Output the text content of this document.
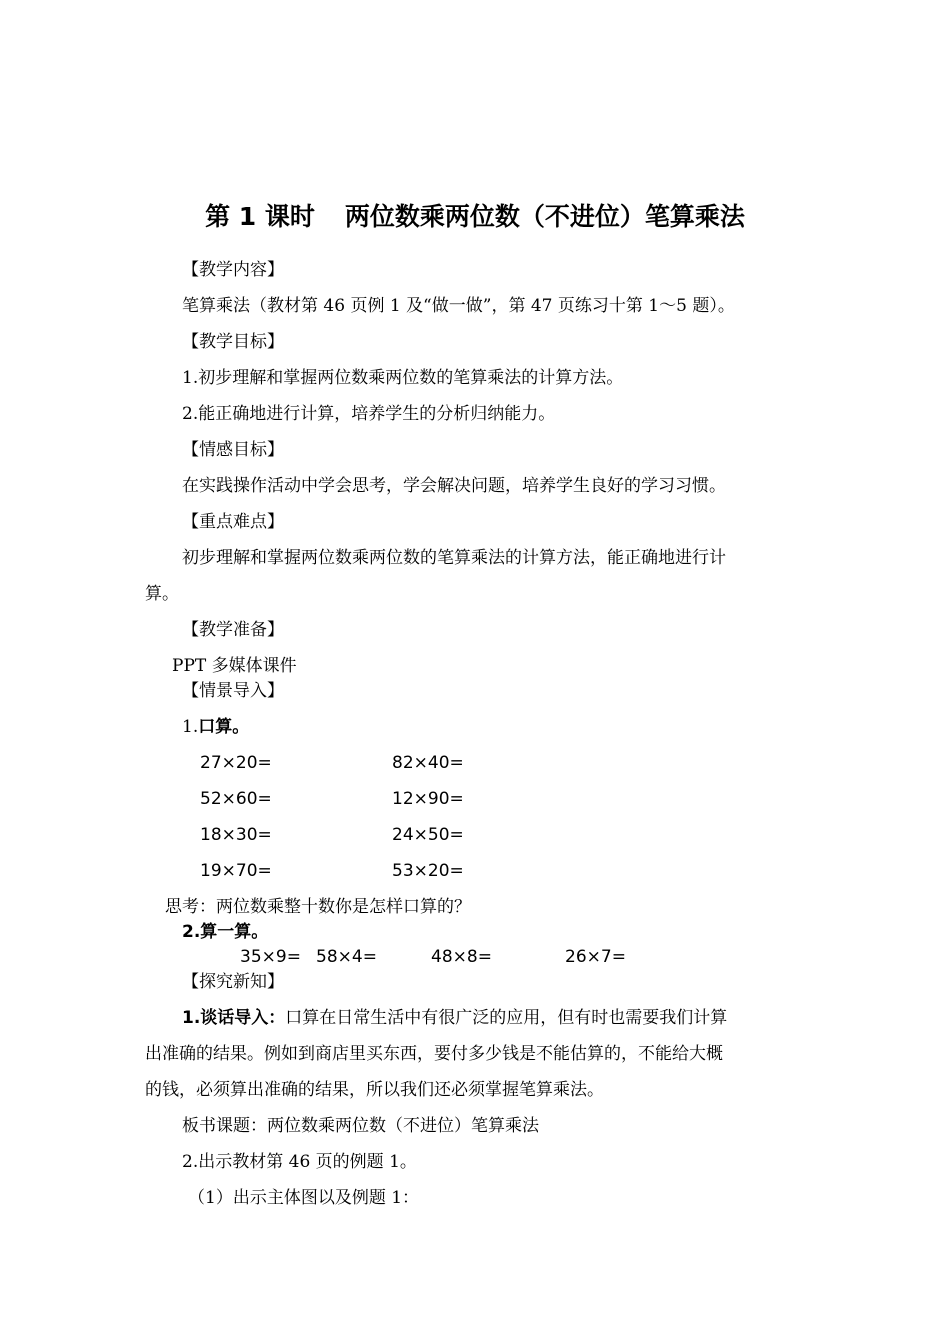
第 1 课时 两位数乘两位数（不进位）笔算乘法
【教学内容】
笔算乘法（教材第 46 页例 1 及“做一做”，第 47 页练习十第 1～5 题）。
【教学目标】
1.初步理解和掌握两位数乘两位数的笔算乘法的计算方法。
2.能正确地进行计算，培养学生的分析归纳能力。
【情感目标】
在实践操作活动中学会思考，学会解决问题，培养学生良好的学习习惯。
【重点难点】
初步理解和掌握两位数乘两位数的笔算乘法的计算方法，能正确地进行计
算。
【教学准备】
PPT 多媒体课件
【情景导入】
1.口算。
27×20=	82×40=
52×60=	12×90=
18×30=	24×50=
19×70=	53×20=
思考：两位数乘整十数你是怎样口算的？
2.算一算。
35×9= 58×4=	48×8=	26×7=
【探究新知】
1.谈话导入：口算在日常生活中有很广泛的应用，但有时也需要我们计算
出准确的结果。例如到商店里买东西，要付多少钱是不能估算的，不能给大概
的钱，必须算出准确的结果，所以我们还必须掌握笔算乘法。
板书课题：两位数乘两位数（不进位）笔算乘法
2.出示教材第 46 页的例题 1。
（1）出示主体图以及例题 1：
